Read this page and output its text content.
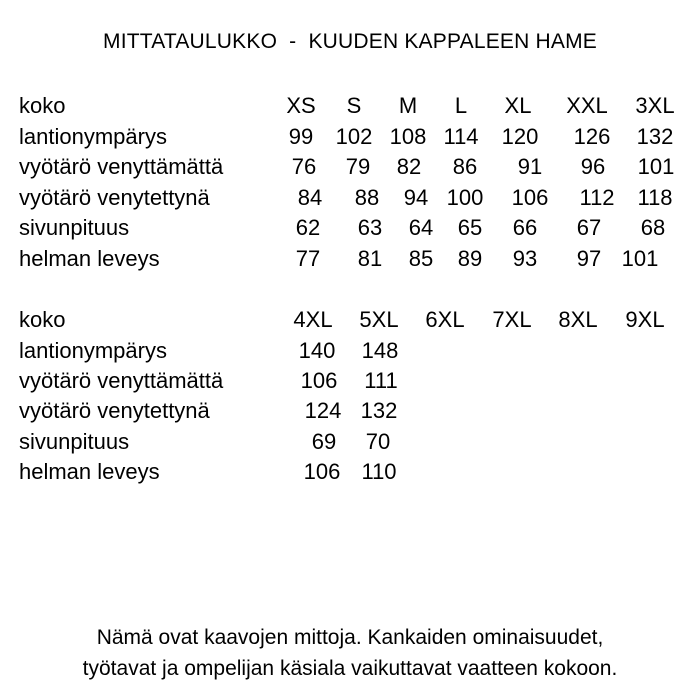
MITTATAULUKKO  -  KUUDEN KAPPALEEN HAME
koko	XS S M L XL XXL 3XL
lantionympärys	99 102 108 114 120 126 132
vyötärö venyttämättä	76 79 82 86 91 96 101
vyötärö venytettynä	84 88 94 100 106 112 118
sivunpituus	62 63 64 65 66 67 68
helman leveys	77 81 85 89 93 97 101
koko	4XL 5XL 6XL 7XL 8XL 9XL
lantionympärys	140 148
vyötärö venyttämättä	106 111
vyötärö venytettynä	124 132
sivunpituus	69 70
helman leveys	106 110
Nämä ovat kaavojen mittoja. Kankaiden ominaisuudet,
työtavat ja ompelijan käsiala vaikuttavat vaatteen kokoon.
